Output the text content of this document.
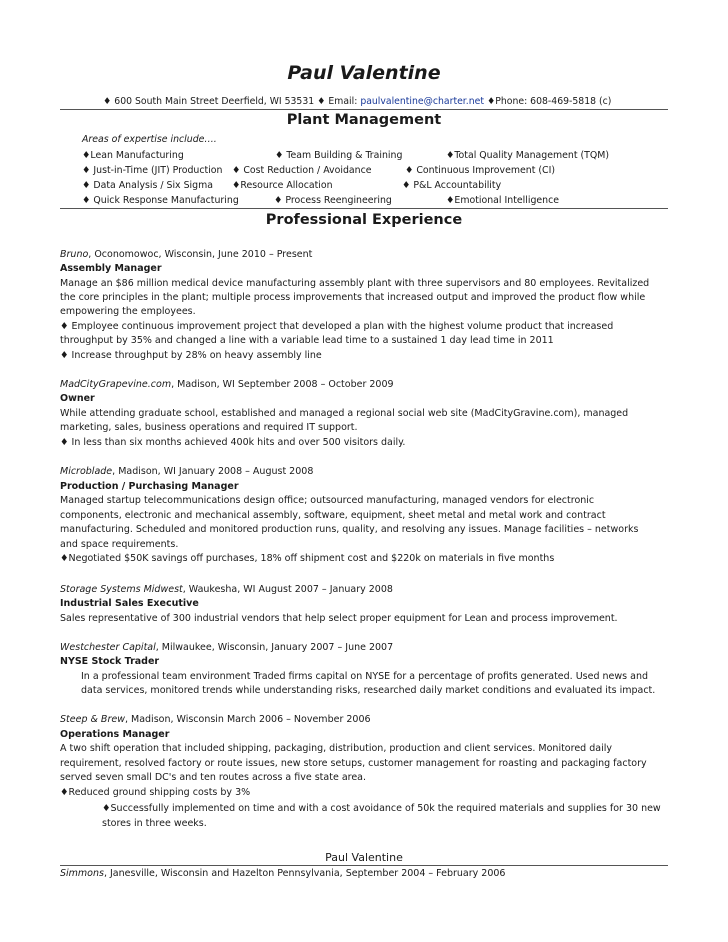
Paul Valentine
♦ 600 South Main Street Deerfield, WI 53531 ♦ Email: paulvalentine@charter.net ♦Phone: 608-469-5818 (c)
Plant Management
Areas of expertise include….
♦Lean Manufacturing	♦ Team Building & Training	♦Total Quality Management (TQM)
♦ Just-in-Time (JIT) Production ♦ Cost Reduction / Avoidance	♦ Continuous Improvement (CI)
♦ Data Analysis / Six Sigma ♦Resource Allocation	♦ P&L Accountability
♦ Quick Response Manufacturing	♦ Process Reengineering	♦Emotional Intelligence
Professional Experience
Bruno, Oconomowoc, Wisconsin, June 2010 – Present
Assembly Manager
Manage an $86 million medical device manufacturing assembly plant with three supervisors and 80 employees. Revitalized
the core principles in the plant; multiple process improvements that increased output and improved the product flow while
empowering the employees.
♦ Employee continuous improvement project that developed a plan with the highest volume product that increased
throughput by 35% and changed a line with a variable lead time to a sustained 1 day lead time in 2011
♦ Increase throughput by 28% on heavy assembly line
MadCityGrapevine.com, Madison, WI September 2008 – October 2009
Owner
While attending graduate school, established and managed a regional social web site (MadCityGravine.com), managed
marketing, sales, business operations and required IT support.
♦ In less than six months achieved 400k hits and over 500 visitors daily.
Microblade, Madison, WI January 2008 – August 2008
Production / Purchasing Manager
Managed startup telecommunications design office; outsourced manufacturing, managed vendors for electronic
components, electronic and mechanical assembly, software, equipment, sheet metal and metal work and contract
manufacturing. Scheduled and monitored production runs, quality, and resolving any issues. Manage facilities – networks
and space requirements.
♦Negotiated $50K savings off purchases, 18% off shipment cost and $220k on materials in five months
Storage Systems Midwest, Waukesha, WI August 2007 – January 2008
Industrial Sales Executive
Sales representative of 300 industrial vendors that help select proper equipment for Lean and process improvement.
Westchester Capital, Milwaukee, Wisconsin, January 2007 – June 2007
NYSE Stock Trader
In a professional team environment Traded firms capital on NYSE for a percentage of profits generated. Used news and
data services, monitored trends while understanding risks, researched daily market conditions and evaluated its impact.
Steep & Brew, Madison, Wisconsin March 2006 – November 2006
Operations Manager
A two shift operation that included shipping, packaging, distribution, production and client services. Monitored daily
requirement, resolved factory or route issues, new store setups, customer management for roasting and packaging factory
served seven small DC's and ten routes across a five state area.
♦Reduced ground shipping costs by 3%
♦Successfully implemented on time and with a cost avoidance of 50k the required materials and supplies for 30 new
stores in three weeks.
Paul Valentine
Simmons, Janesville, Wisconsin and Hazelton Pennsylvania, September 2004 – February 2006
